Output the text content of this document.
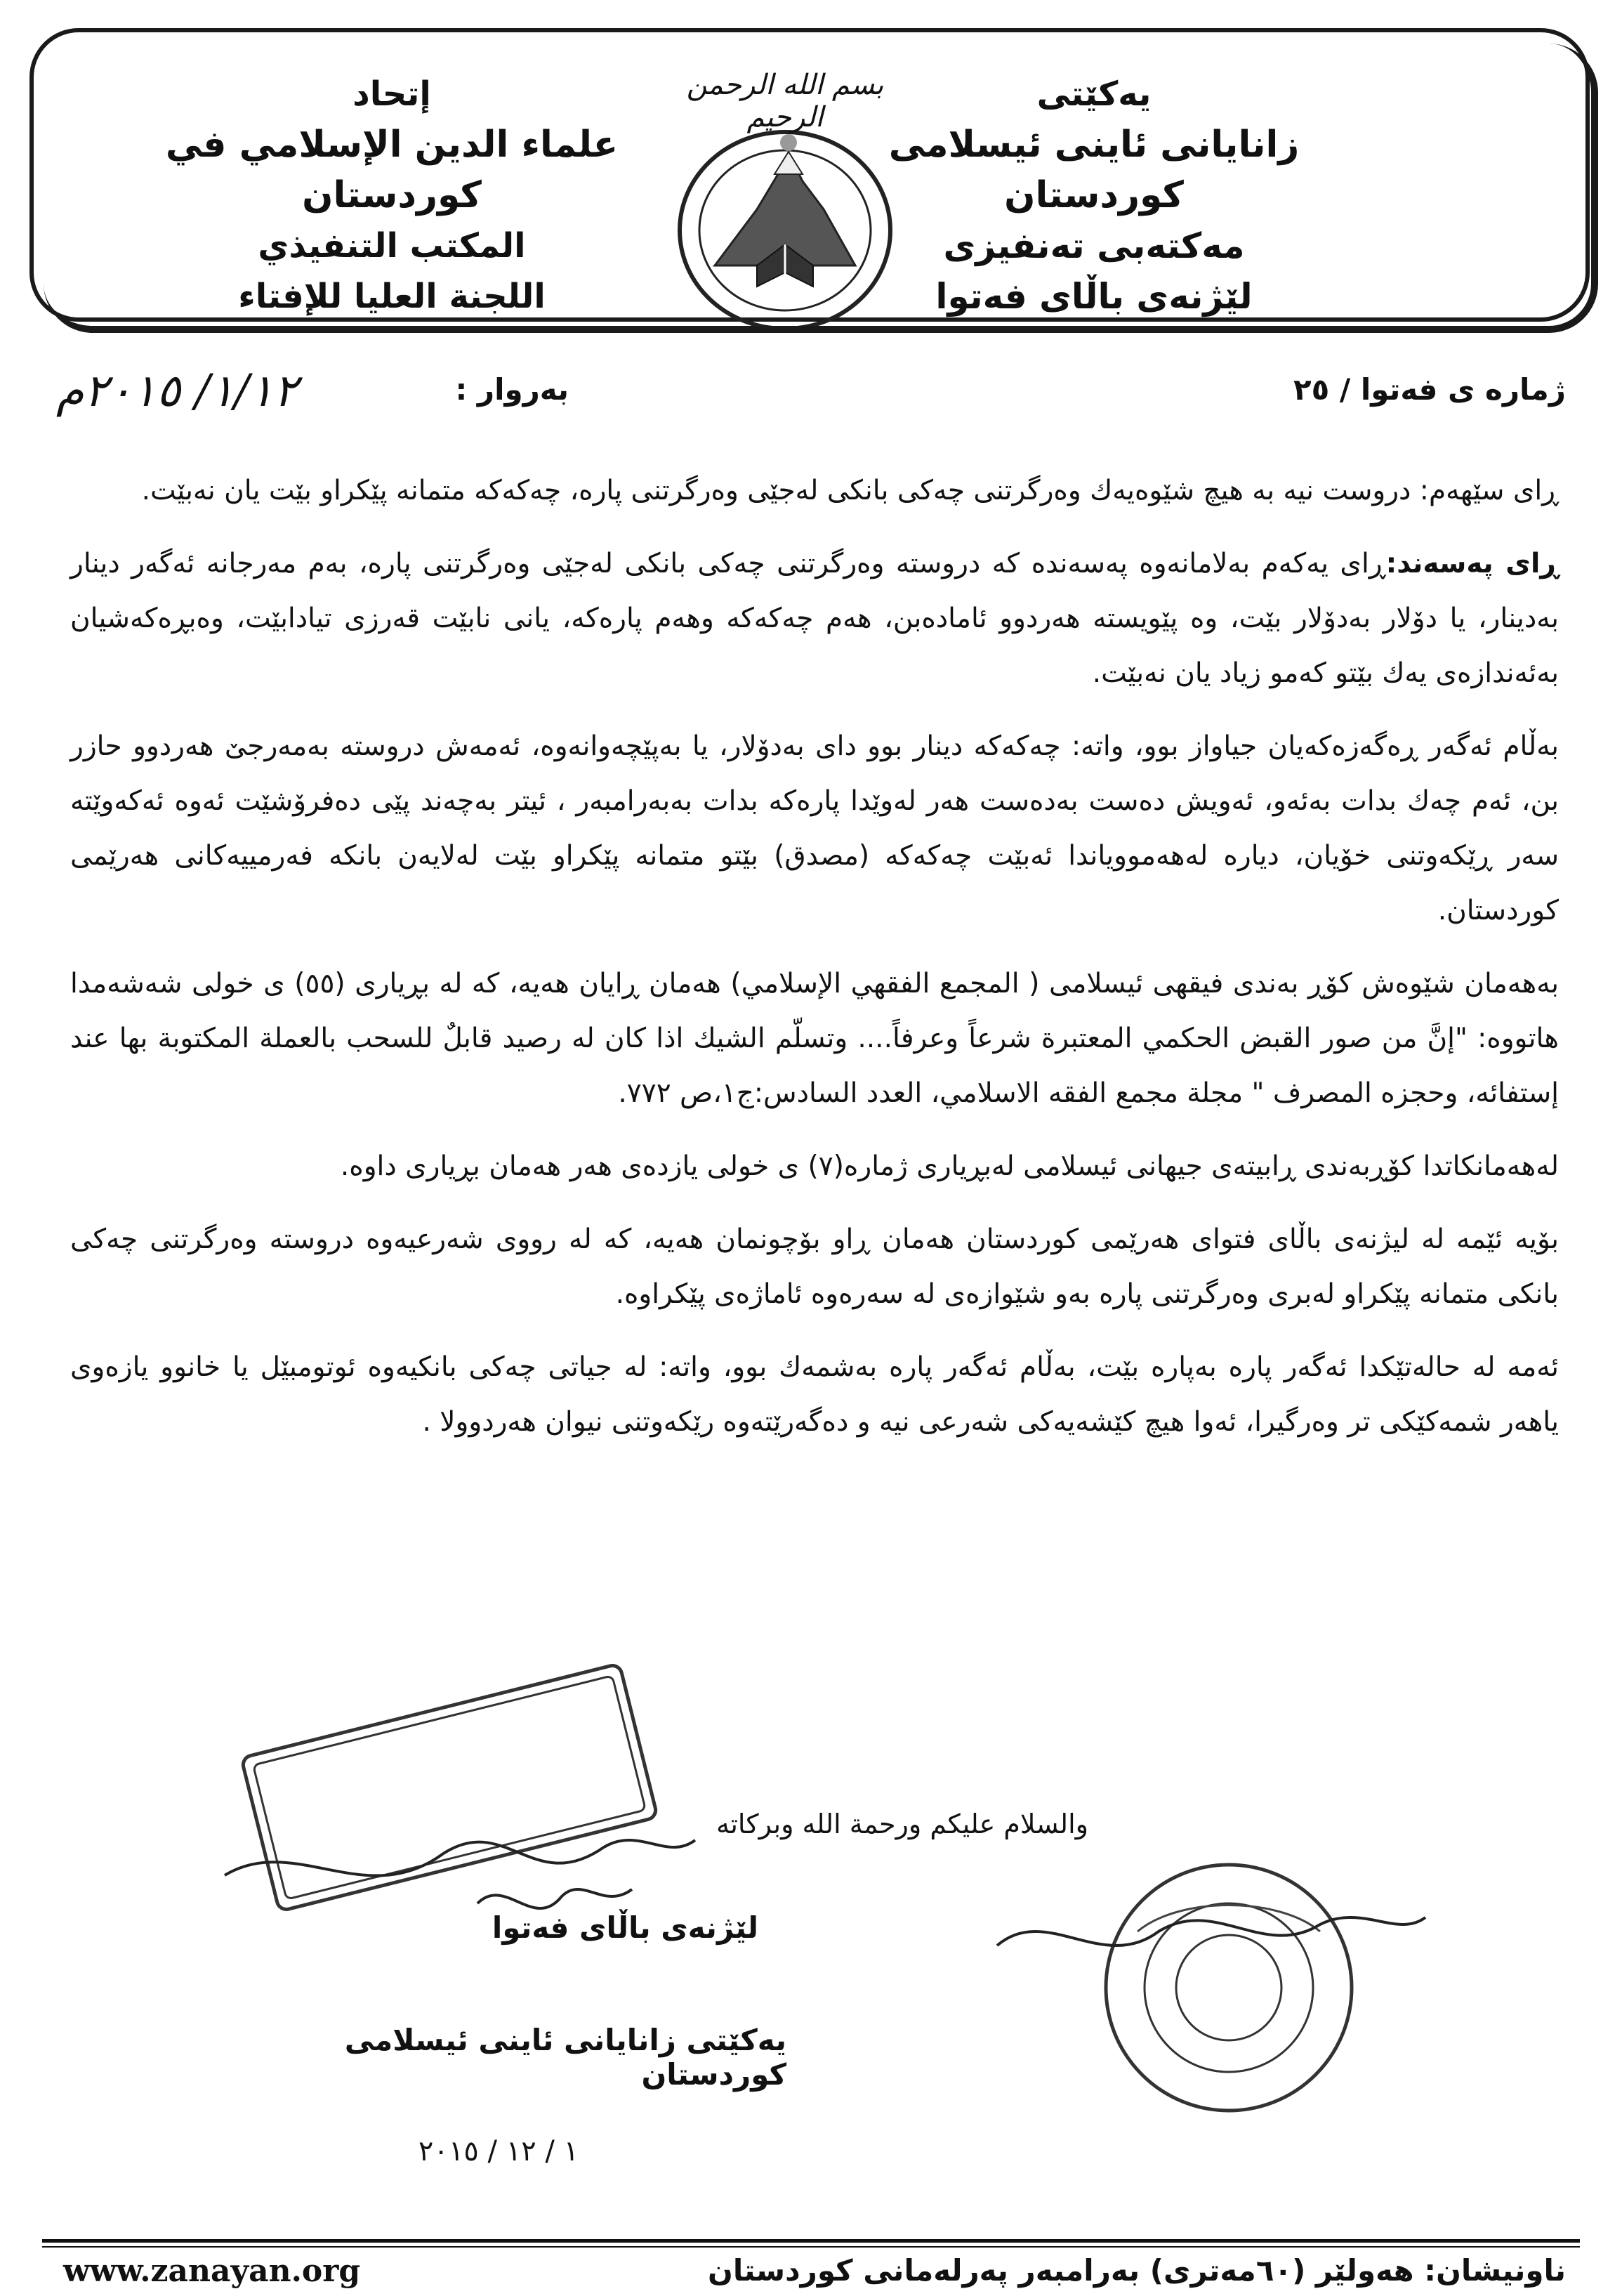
یەکێتی
زانایانی ئاینی ئیسلامی کوردستان
مەکتەبی تەنفیزی
لێژنەی باڵای فەتوا
بسم الله الرحمن الرحيم
إتحاد
علماء الدين الإسلامي في كوردستان
المكتب التنفيذي
اللجنة العليا للإفتاء
ژمارە ی فەتوا / ٢٥
بەروار :
١/١٢/ ٢٠١٥م

ڕای سێهەم: دروست نیە بە هیچ شێوەیەك وەرگرتنی چەکی بانکی لەجێی وەرگرتنی پارە، چەکەکە متمانە پێکراو بێت یان نەبێت.

ڕای پەسەند:ڕای یەکەم بەلامانەوە پەسەندە کە دروستە وەرگرتنی چەکی بانکی لەجێی وەرگرتنی پارە، بەم مەرجانە ئەگەر دینار بەدینار، یا دۆلار بەدۆلار بێت، وە پێویستە هەردوو ئامادەبن، هەم چەکەکە وهەم پارەکە، یانی نابێت قەرزی تیادابێت، وەبڕەکەشیان بەئەندازەی یەك بێتو کەمو زیاد یان نەبێت.

بەڵام ئەگەر ڕەگەزەکەیان جیاواز بوو، واتە: چەکەکە دینار بوو دای بەدۆلار، یا بەپێچەوانەوە، ئەمەش دروستە بەمەرجێ هەردوو حازر بن، ئەم چەك بدات بەئەو، ئەویش دەست بەدەست هەر لەوێدا پارەکە بدات بەبەرامبەر ، ئیتر بەچەند پێی دەفرۆشێت ئەوە ئەکەوێتە سەر ڕێکەوتنی خۆیان، دیارە لەهەمووياندا ئەبێت چەکەکە (مصدق) بێتو متمانە پێکراو بێت لەلایەن بانکە فەرمییەکانی هەرێمی کوردستان.

بەهەمان شێوەش کۆڕ بەندی فیقهی ئیسلامی ( المجمع الفقهي الإسلامي) هەمان ڕایان هەیە، کە لە بڕیاری (٥٥) ی خولی شەشەمدا هاتووە: "إنَّ من صور القبض الحكمي المعتبرة شرعاً وعرفاً.... وتسلّم الشيك اذا كان له رصيد قابلٌ للسحب بالعملة المكتوبة بها عند إستفائه، وحجزه المصرف " مجلة مجمع الفقه الاسلامي، العدد السادس:ج١،ص ٧٧٢.

لەهەمانکاتدا کۆڕبەندی ڕابیتەی جیهانی ئیسلامی لەبڕیاری ژمارە(٧) ی خولی یازدەی هەر هەمان بڕیاری داوە.

بۆیە ئێمە لە لیژنەی باڵای فتوای هەرێمی کوردستان هەمان ڕاو بۆچونمان هەیە، کە لە رووی شەرعیەوە دروستە وەرگرتنی چەکی بانکی متمانە پێکراو لەبری وەرگرتنی پارە بەو شێوازەی لە سەرەوە ئاماژەی پێکراوە.

ئەمە لە حالەتێکدا ئەگەر پارە بەپارە بێت، بەڵام ئەگەر پارە بەشمەك بوو، واتە: لە جیاتی چەکی بانکیەوە ئوتومبێل یا خانوو یازەوی یاهەر شمەکێکی تر وەرگیرا، ئەوا هیچ کێشەیەکی شەرعی نیە و دەگەرێتەوە رێکەوتنی نیوان هەردوولا .

والسلام عليكم ورحمة الله وبركاته
لێژنەی باڵای فەتوا
یەکێتی زانایانی ئاینی ئیسلامی کوردستان
١ / ١٢ / ٢٠١٥
www.zanayan.org	ناونیشان: هەولێر (٦٠مەتری) بەرامبەر پەرلەمانی کوردستان
